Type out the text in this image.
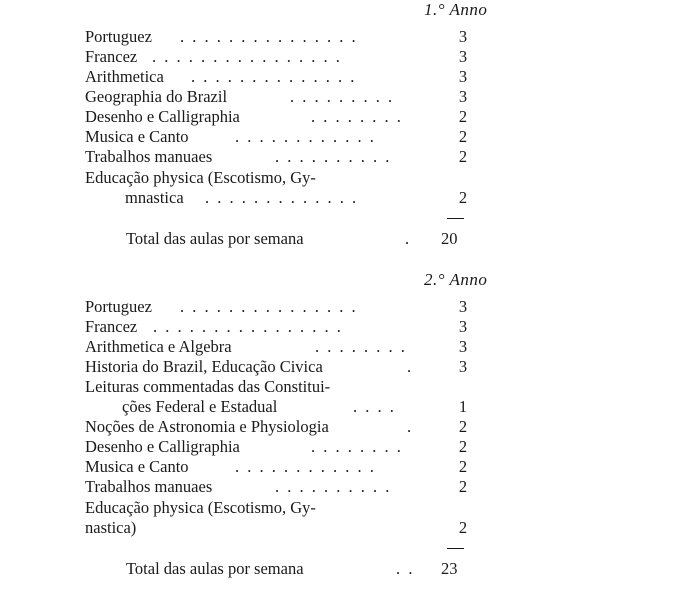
1.° Anno
Portuguez . . . . . . . . . . . . . . .	3
Francez . . . . . . . . . . . . . . . .	3
Arithmetica . . . . . . . . . . . . . .	3
Geographia do Brazil	. . . . . . . . .	3
Desenho e Calligraphia	. . . . . . . .	2
Musica e Canto	. . . . . . . . . . . .	2
Trabalhos manuaes	. . . . . . . . . .	2
Educação physica (Escotismo, Gy-
mnastica . . . . . . . . . . . . .	2
Total das aulas por semana	. 20
2.° Anno
Portuguez . . . . . . . . . . . . . . .	3
Francez . . . . . . . . . . . . . . . .	3
Arithmetica e Algebra	. . . . . . . .	3
Historia do Brazil, Educação Civica	.	3
Leituras commentadas das Constitui-
ções Federal e Estadual	. . . .	1
Noções de Astronomia e Physiologia	.	2
Desenho e Calligraphia	. . . . . . . .	2
Musica e Canto	. . . . . . . . . . . .	2
Trabalhos manuaes	. . . . . . . . . .	2
Educação physica (Escotismo, Gy-
nastica)	2
Total das aulas por semana	.  . 23
